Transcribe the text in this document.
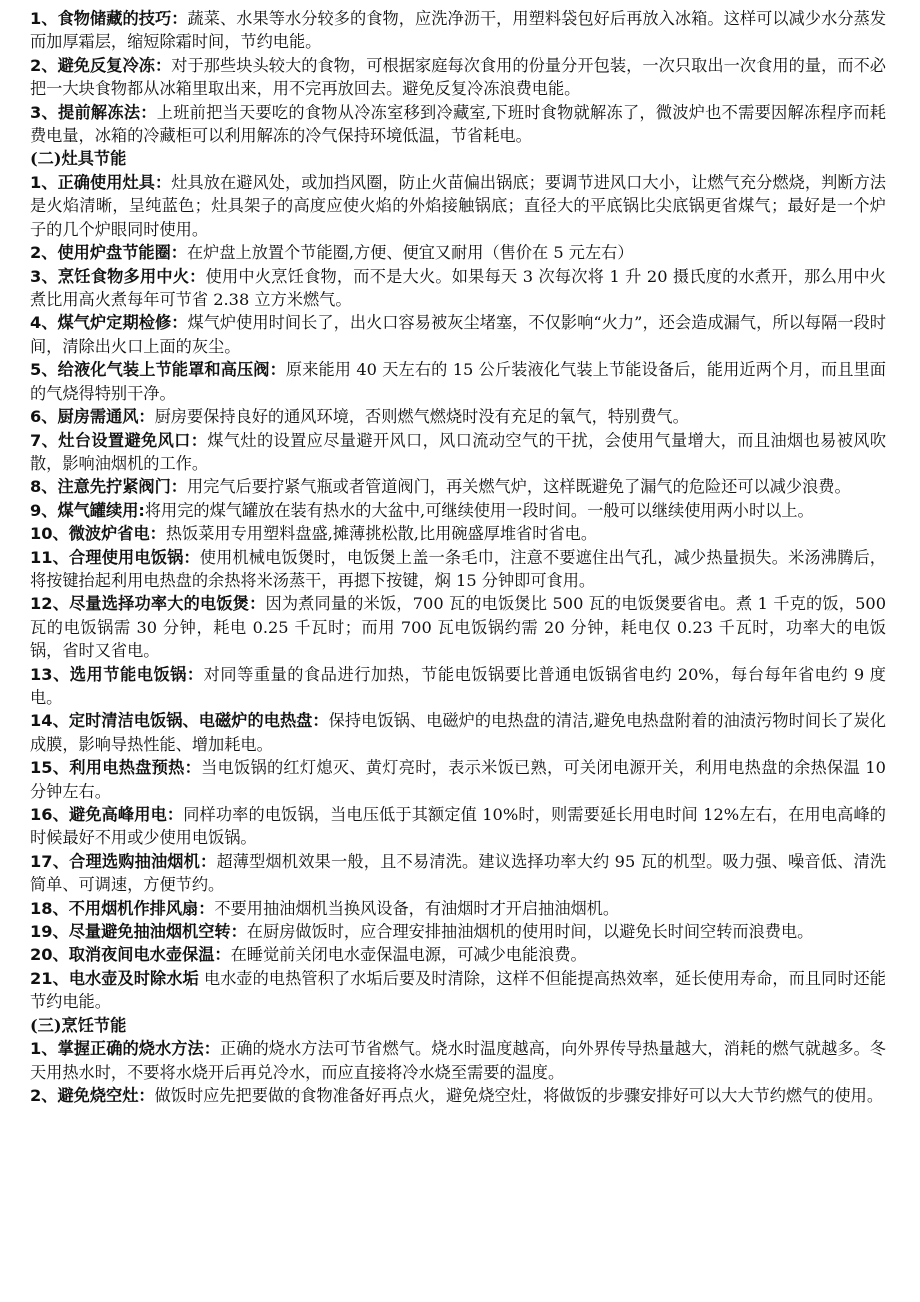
1、食物储藏的技巧：蔬菜、水果等水分较多的食物，应洗净沥干，用塑料袋包好后再放入冰箱。这样可以减少水分蒸发而加厚霜层，缩短除霜时间，节约电能。

2、避免反复冷冻：对于那些块头较大的食物，可根据家庭每次食用的份量分开包装，一次只取出一次食用的量，而不必把一大块食物都从冰箱里取出来，用不完再放回去。避免反复冷冻浪费电能。

3、提前解冻法：上班前把当天要吃的食物从冷冻室移到冷藏室,下班时食物就解冻了，微波炉也不需要因解冻程序而耗费电量，冰箱的冷藏柜可以利用解冻的冷气保持环境低温，节省耗电。

(二)灶具节能

1、正确使用灶具：灶具放在避风处，或加挡风圈，防止火苗偏出锅底；要调节进风口大小，让燃气充分燃烧，判断方法是火焰清晰，呈纯蓝色；灶具架子的高度应使火焰的外焰接触锅底；直径大的平底锅比尖底锅更省煤气；最好是一个炉子的几个炉眼同时使用。

2、使用炉盘节能圈：在炉盘上放置个节能圈,方便、便宜又耐用（售价在 5 元左右）

3、烹饪食物多用中火：使用中火烹饪食物，而不是大火。如果每天 3 次每次将 1 升 20 摄氏度的水煮开，那么用中火煮比用高火煮每年可节省 2.38 立方米燃气。

4、煤气炉定期检修：煤气炉使用时间长了，出火口容易被灰尘堵塞，不仅影响“火力”，还会造成漏气，所以每隔一段时间，清除出火口上面的灰尘。

5、给液化气装上节能罩和高压阀：原来能用 40 天左右的 15 公斤装液化气装上节能设备后，能用近两个月，而且里面的气烧得特别干净。

6、厨房需通风：厨房要保持良好的通风环境，否则燃气燃烧时没有充足的氧气，特别费气。

7、灶台设置避免风口：煤气灶的设置应尽量避开风口，风口流动空气的干扰，会使用气量增大，而且油烟也易被风吹散，影响油烟机的工作。

8、注意先拧紧阀门：用完气后要拧紧气瓶或者管道阀门，再关燃气炉，这样既避免了漏气的危险还可以减少浪费。

9、煤气罐续用:将用完的煤气罐放在装有热水的大盆中,可继续使用一段时间。一般可以继续使用两小时以上。

10、微波炉省电：热饭菜用专用塑料盘盛,摊薄挑松散,比用碗盛厚堆省时省电。

11、合理使用电饭锅：使用机械电饭煲时，电饭煲上盖一条毛巾，注意不要遮住出气孔，减少热量损失。米汤沸腾后，将按键抬起利用电热盘的余热将米汤蒸干，再摁下按键，焖 15 分钟即可食用。

12、尽量选择功率大的电饭煲：因为煮同量的米饭，700 瓦的电饭煲比 500 瓦的电饭煲要省电。煮 1 千克的饭，500 瓦的电饭锅需 30 分钟，耗电 0.25 千瓦时；而用 700 瓦电饭锅约需 20 分钟，耗电仅 0.23 千瓦时，功率大的电饭锅，省时又省电。

13、选用节能电饭锅：对同等重量的食品进行加热，节能电饭锅要比普通电饭锅省电约 20%，每台每年省电约 9 度电。

14、定时清洁电饭锅、电磁炉的电热盘：保持电饭锅、电磁炉的电热盘的清洁,避免电热盘附着的油渍污物时间长了炭化成膜，影响导热性能、增加耗电。

15、利用电热盘预热：当电饭锅的红灯熄灭、黄灯亮时，表示米饭已熟，可关闭电源开关，利用电热盘的余热保温 10 分钟左右。

16、避免高峰用电：同样功率的电饭锅，当电压低于其额定值 10%时，则需要延长用电时间 12%左右，在用电高峰的时候最好不用或少使用电饭锅。

17、合理选购抽油烟机：超薄型烟机效果一般，且不易清洗。建议选择功率大约 95 瓦的机型。吸力强、噪音低、清洗简单、可调速，方便节约。

18、不用烟机作排风扇：不要用抽油烟机当换风设备，有油烟时才开启抽油烟机。

19、尽量避免抽油烟机空转：在厨房做饭时，应合理安排抽油烟机的使用时间，以避免长时间空转而浪费电。

20、取消夜间电水壶保温：在睡觉前关闭电水壶保温电源，可减少电能浪费。

21、电水壶及时除水垢 电水壶的电热管积了水垢后要及时清除，这样不但能提高热效率，延长使用寿命，而且同时还能节约电能。

(三)烹饪节能

1、掌握正确的烧水方法：正确的烧水方法可节省燃气。烧水时温度越高，向外界传导热量越大，消耗的燃气就越多。冬天用热水时，不要将水烧开后再兑冷水，而应直接将冷水烧至需要的温度。

2、避免烧空灶：做饭时应先把要做的食物准备好再点火，避免烧空灶，将做饭的步骤安排好可以大大节约燃气的使用。
